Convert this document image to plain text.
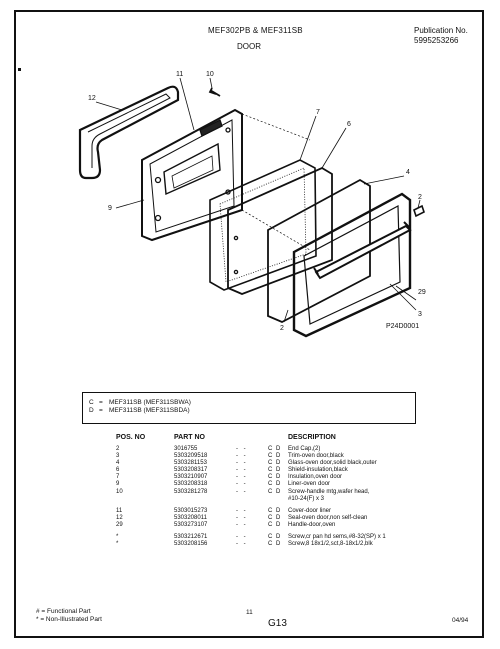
MEF302PB & MEF311SB	Publication No.
5995253266
DOOR
12
11	10
7
6
4
2
9
29
3
2	P24D0001
C = MEF311SB (MEF311SBWA)
D = MEF311SB (MEF311SBDA)
POS. NO	PART NO	DESCRIPTION
2	3016755	- -	C D	End Cap,(2)
3	5303209518	- -	C D	Trim-oven door,black
4	5303281153	- -	C D	Glass-oven door,solid black,outer
6	5303208317	- -	C D	Shield-insulation,black
7	5303210907	- -	C D	Insulation,oven door
9	5303208318	- -	C D	Liner-oven door
10	5303281278	- -	C D	Screw-handle mtg,wafer head,
#10-24(F) x 3
11	5303015273	- -	C D	Cover-door liner
12	5303208011	- -	C D	Seal-oven door,non self-clean
29	5303273107	- -	C D	Handle-door,oven
*	5303212671	- -	C D	Screw,cr pan hd sems,#8-32(SP) x 1
*	5303208156	- -	C D	Screw,8 18x1/2,sct,8-18x1/2,blk
# = Functional Part
* = Non-Illustrated Part
11
G13	04/94
